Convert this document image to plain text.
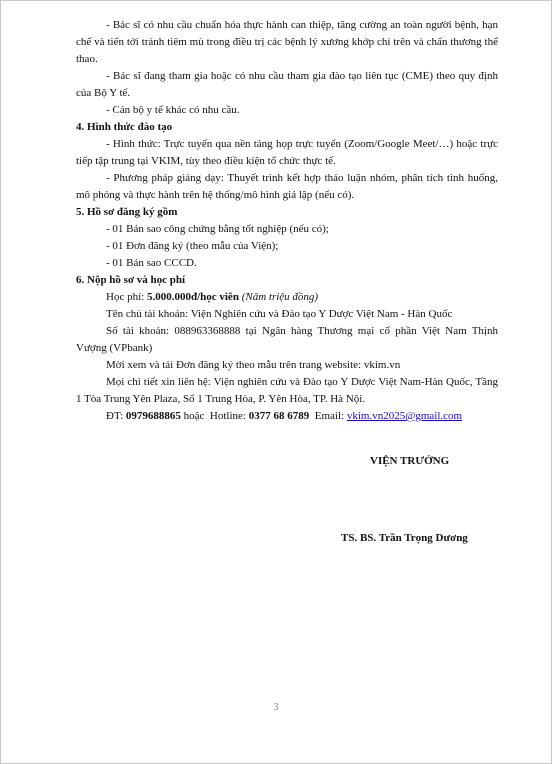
- Bác sĩ có nhu cầu chuẩn hóa thực hành can thiệp, tăng cường an toàn người bệnh, hạn chế và tiến tới tránh tiêm mù trong điều trị các bệnh lý xương khớp chi trên và chấn thương thể thao.

- Bác sĩ đang tham gia hoặc có nhu cầu tham gia đào tạo liên tục (CME) theo quy định của Bộ Y tế.

- Cán bộ y tế khác có nhu cầu.

4. Hình thức đào tạo

- Hình thức: Trực tuyến qua nền tảng họp trực tuyến (Zoom/Google Meet/…) hoặc trực tiếp tập trung tại VKIM, tùy theo điều kiện tổ chức thực tế.

- Phương pháp giảng dạy: Thuyết trình kết hợp thảo luận nhóm, phân tích tình huống, mô phỏng và thực hành trên hệ thống/mô hình giả lập (nếu có).

5. Hồ sơ đăng ký gồm

- 01 Bản sao công chứng bằng tốt nghiệp (nếu có);

- 01 Đơn đăng ký (theo mẫu của Viện);

- 01 Bản sao CCCD.

6. Nộp hồ sơ và học phí

Học phí: 5.000.000đ/học viên (Năm triệu đồng)

Tên chủ tài khoản: Viện Nghiên cứu và Đào tạo Y Dược Việt Nam - Hàn Quốc

Số tài khoản: 088963368888 tại Ngân hàng Thương mại cổ phần Việt Nam Thịnh Vượng (VPbank)

Mời xem và tải Đơn đăng ký theo mẫu trên trang website: vkim.vn

Mọi chi tiết xin liên hệ: Viện nghiên cứu và Đào tạo Y Dược Việt Nam-Hàn Quốc, Tầng 1 Tòa Trung Yên Plaza, Số 1 Trung Hòa, P. Yên Hòa, TP. Hà Nội.

ĐT: 0979688865 hoặc  Hotline: 0377 68 6789  Email: vkim.vn2025@gmail.com

VIỆN TRƯỞNG
TS. BS. Trần Trọng Dương
3
